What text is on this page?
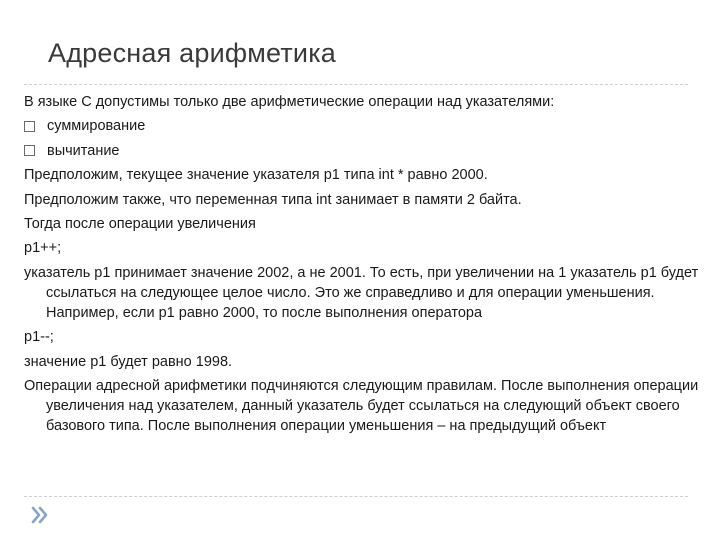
Адресная арифметика

В языке С допустимы только две арифметические операции над указателями:

суммирование
вычитание

Предположим, текущее значение указателя р1 типа int * равно 2000.

Предположим также, что переменная типа int занимает в памяти 2 байта.

Тогда после операции увеличения

р1++;

указатель р1 принимает значение 2002, а не 2001. То есть, при увеличении на 1 указатель р1 будет ссылаться на следующее целое число. Это же справедливо и для операции уменьшения. Например, если р1 равно 2000, то после выполнения оператора

р1--;

значение р1 будет равно 1998.

Операции адресной арифметики подчиняются следующим правилам. После выполнения операции увеличения над указателем, данный указатель будет ссылаться на следующий объект своего базового типа. После выполнения операции уменьшения – на предыдущий объект
